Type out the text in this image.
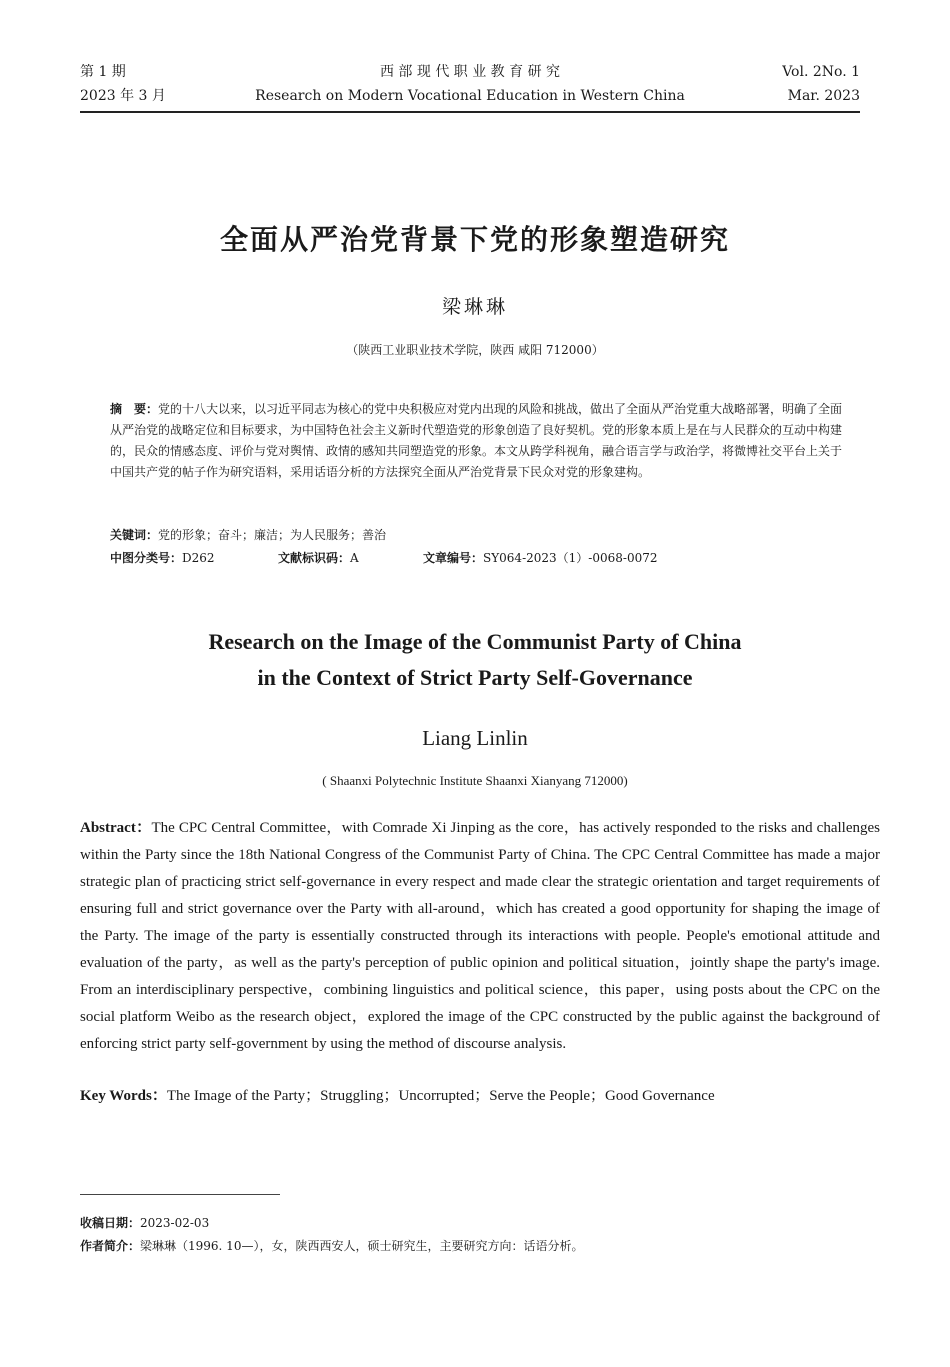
第 1 期
2023 年 3 月
西 部 现 代 职 业 教 育 研 究
Research on Modern Vocational Education in Western China
Vol. 2No. 1
Mar. 2023
全面从严治党背景下党的形象塑造研究
梁琳琳
（陕西工业职业技术学院，陕西 咸阳 712000）
摘　要：党的十八大以来，以习近平同志为核心的党中央积极应对党内出现的风险和挑战，做出了全面从严治党重大战略部署，明确了全面从严治党的战略定位和目标要求，为中国特色社会主义新时代塑造党的形象创造了良好契机。党的形象本质上是在与人民群众的互动中构建的，民众的情感态度、评价与党对舆情、政情的感知共同塑造党的形象。本文从跨学科视角，融合语言学与政治学，将微博社交平台上关于中国共产党的帖子作为研究语料，采用话语分析的方法探究全面从严治党背景下民众对党的形象建构。
关键词：党的形象；奋斗；廉洁；为人民服务；善治
中图分类号：D262	文献标识码：A	文章编号：SY064-2023（1）-0068-0072
Research on the Image of the Communist Party of China
in the Context of Strict Party Self-Governance
Liang Linlin
( Shaanxi Polytechnic Institute Shaanxi Xianyang 712000)
Abstract：The CPC Central Committee，with Comrade Xi Jinping as the core，has actively responded to the risks and challenges within the Party since the 18th National Congress of the Communist Party of China. The CPC Central Committee has made a major strategic plan of practicing strict self-governance in every respect and made clear the strategic orientation and target requirements of ensuring full and strict governance over the Party with all-around，which has created a good opportunity for shaping the image of the Party. The image of the party is essentially constructed through its interactions with people. People's emotional attitude and evaluation of the party，as well as the party's perception of public opinion and political situation，jointly shape the party's image. From an interdisciplinary perspective，combining linguistics and political science，this paper，using posts about the CPC on the social platform Weibo as the research object，explored the image of the CPC constructed by the public against the background of enforcing strict party self-government by using the method of discourse analysis.
Key Words：The Image of the Party；Struggling；Uncorrupted；Serve the People；Good Governance
收稿日期：2023-02-03
作者简介：梁琳琳（1996. 10—），女，陕西西安人，硕士研究生，主要研究方向：话语分析。
